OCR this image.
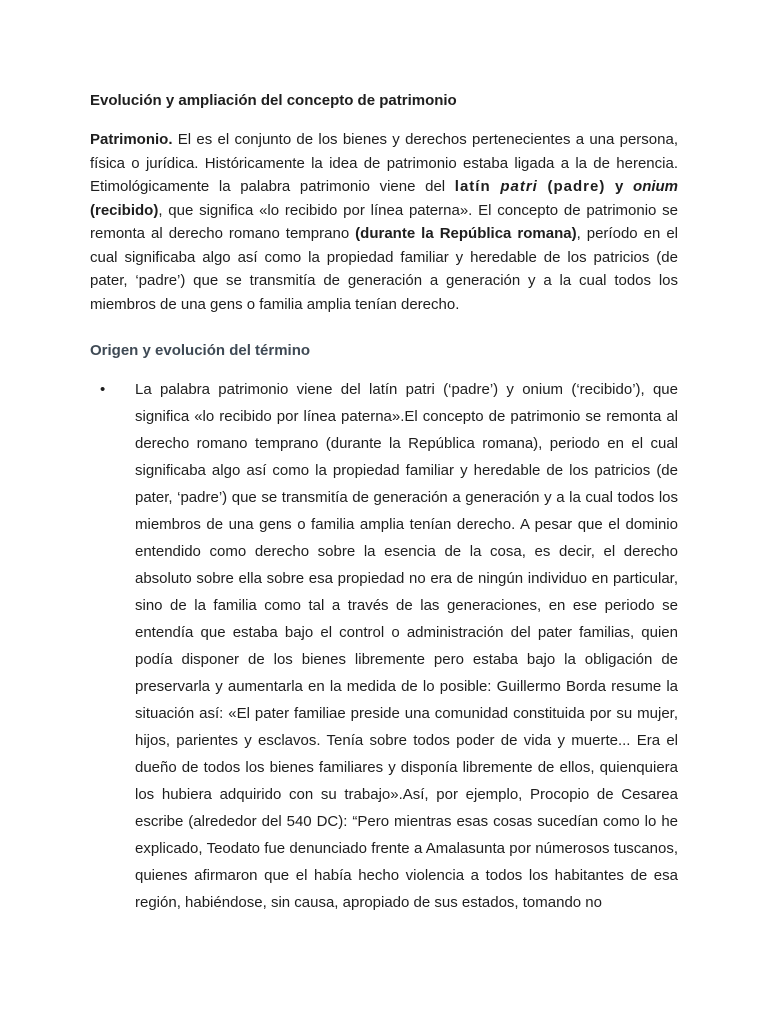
Evolución y ampliación del concepto de patrimonio

Patrimonio. El es el conjunto de los bienes y derechos pertenecientes a una persona, física o jurídica. Históricamente la idea de patrimonio estaba ligada a la de herencia. Etimológicamente la palabra patrimonio viene del latín patri (padre) y onium (recibido), que significa «lo recibido por línea paterna». El concepto de patrimonio se remonta al derecho romano temprano (durante la República romana), período en el cual significaba algo así como la propiedad familiar y heredable de los patricios (de pater, ‘padre’) que se transmitía de generación a generación y a la cual todos los miembros de una gens o familia amplia tenían derecho.

Origen y evolución del término
• La palabra patrimonio viene del latín patri (‘padre’) y onium (‘recibido’), que significa «lo recibido por línea paterna».El concepto de patrimonio se remonta al derecho romano temprano (durante la República romana), periodo en el cual significaba algo así como la propiedad familiar y heredable de los patricios (de pater, ‘padre’) que se transmitía de generación a generación y a la cual todos los miembros de una gens o familia amplia tenían derecho. A pesar que el dominio entendido como derecho sobre la esencia de la cosa, es decir, el derecho absoluto sobre ella sobre esa propiedad no era de ningún individuo en particular, sino de la familia como tal a través de las generaciones, en ese periodo se entendía que estaba bajo el control o administración del pater familias, quien podía disponer de los bienes libremente pero estaba bajo la obligación de preservarla y aumentarla en la medida de lo posible: Guillermo Borda resume la situación así: «El pater familiae preside una comunidad constituida por su mujer, hijos, parientes y esclavos. Tenía sobre todos poder de vida y muerte... Era el dueño de todos los bienes familiares y disponía libremente de ellos, quienquiera los hubiera adquirido con su trabajo».Así, por ejemplo, Procopio de Cesarea escribe (alrededor del 540 DC): “Pero mientras esas cosas sucedían como lo he explicado, Teodato fue denunciado frente a Amalasunta por númerosos tuscanos, quienes afirmaron que el había hecho violencia a todos los habitantes de esa región, habiéndose, sin causa, apropiado de sus estados, tomando no
